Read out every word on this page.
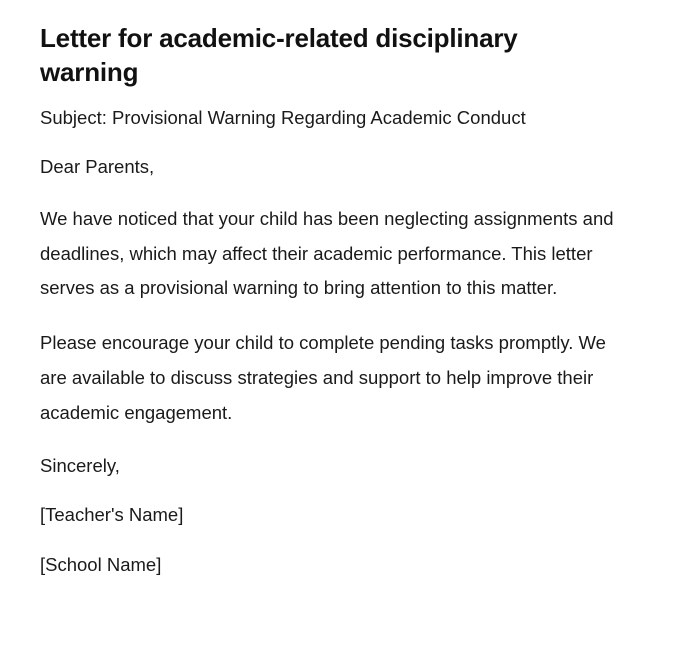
Letter for academic-related disciplinary warning

Subject: Provisional Warning Regarding Academic Conduct

Dear Parents,

We have noticed that your child has been neglecting assignments and deadlines, which may affect their academic performance. This letter serves as a provisional warning to bring attention to this matter.

Please encourage your child to complete pending tasks promptly. We are available to discuss strategies and support to help improve their academic engagement.

Sincerely,

[Teacher's Name]

[School Name]
